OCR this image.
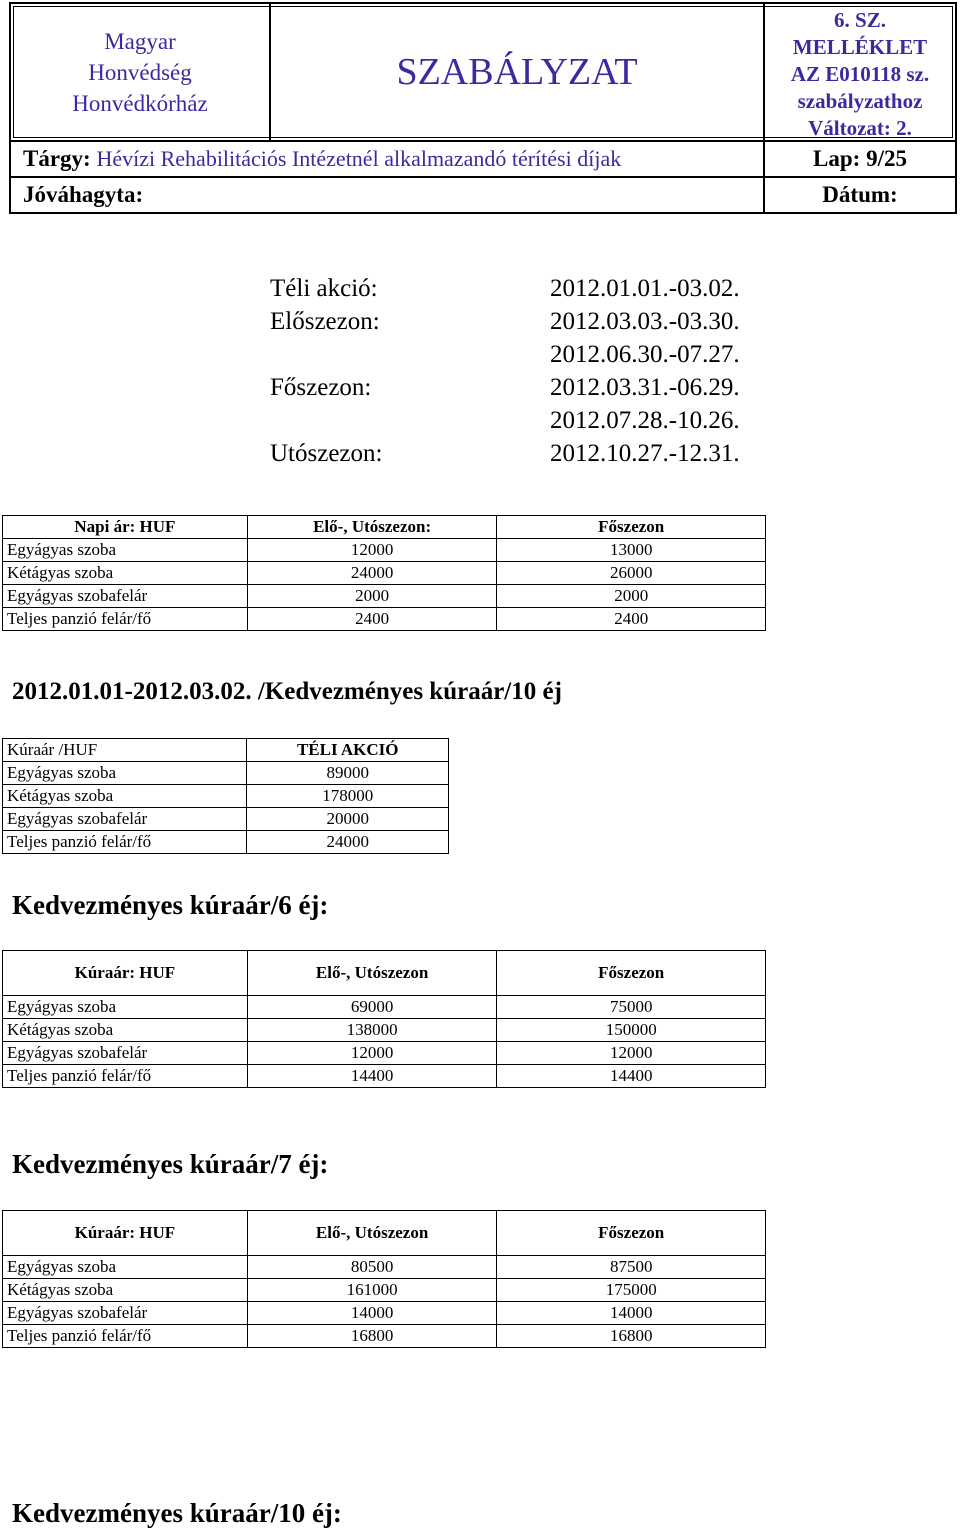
Magyar
Honvédség
Honvédkórház
SZABÁLYZAT
6. SZ.
MELLÉKLET
AZ E010118 sz.
szabályzathoz
Változat: 2.
Tárgy: Hévízi Rehabilitációs Intézetnél alkalmazandó térítési díjak	Lap: 9/25
Jóváhagyta:	Dátum:
Téli akció:	2012.01.01.-03.02.
Előszezon:	2012.03.03.-03.30.
2012.06.30.-07.27.
Főszezon:	2012.03.31.-06.29.
2012.07.28.-10.26.
Utószezon:	2012.10.27.-12.31.
Napi ár: HUF	Elő-, Utószezon:	Főszezon
Egyágyas szoba	12000	13000
Kétágyas szoba	24000	26000
Egyágyas szobafelár	2000	2000
Teljes panzió felár/fő	2400	2400
2012.01.01-2012.03.02. /Kedvezményes kúraár/10 éj
Kúraár /HUF	TÉLI AKCIÓ
Egyágyas szoba	89000
Kétágyas szoba	178000
Egyágyas szobafelár	20000
Teljes panzió felár/fő	24000
Kedvezményes kúraár/6 éj:
Kúraár: HUF	Elő-, Utószezon	Főszezon
Egyágyas szoba	69000	75000
Kétágyas szoba	138000	150000
Egyágyas szobafelár	12000	12000
Teljes panzió felár/fő	14400	14400
Kedvezményes kúraár/7 éj:
Kúraár: HUF	Elő-, Utószezon	Főszezon
Egyágyas szoba	80500	87500
Kétágyas szoba	161000	175000
Egyágyas szobafelár	14000	14000
Teljes panzió felár/fő	16800	16800
Kedvezményes kúraár/10 éj:
